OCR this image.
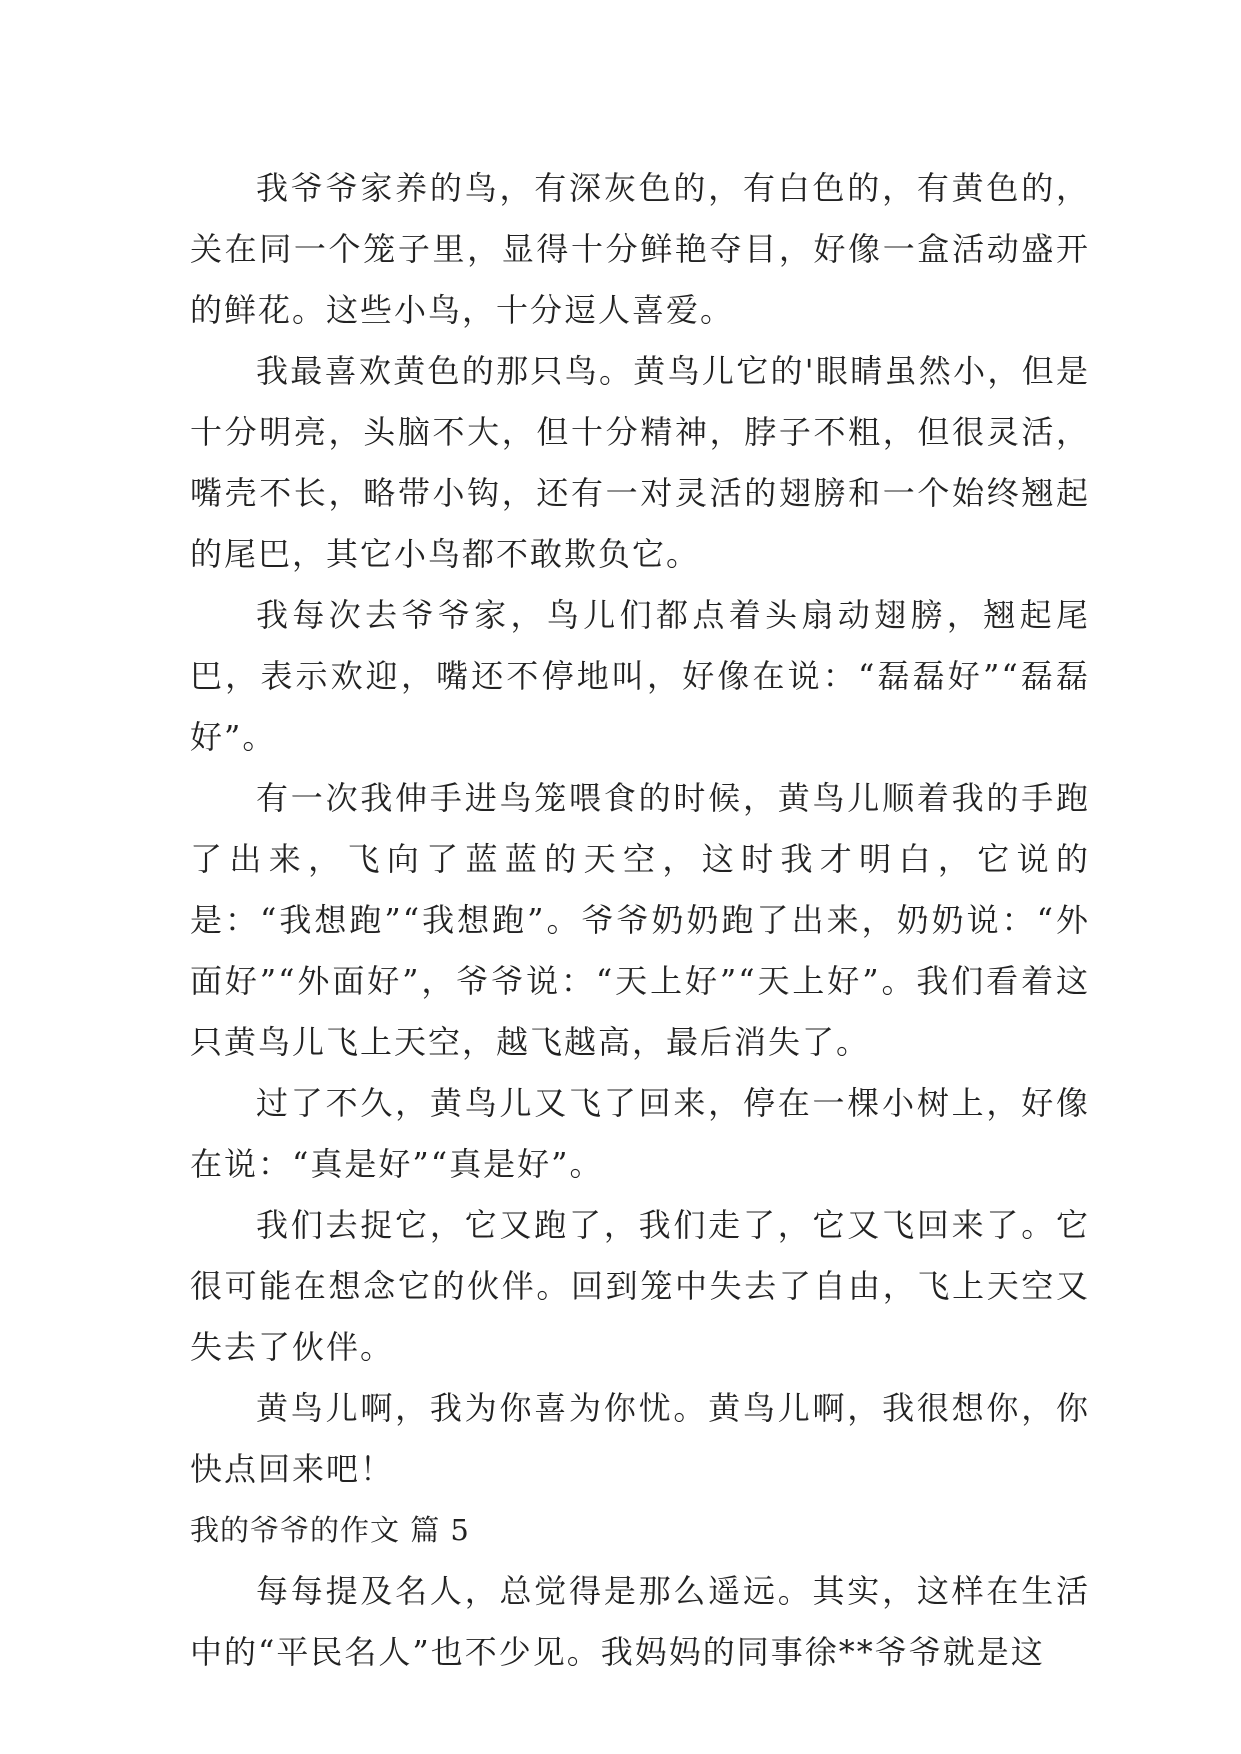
我爷爷家养的鸟，有深灰色的，有白色的，有黄色的，关在同一个笼子里，显得十分鲜艳夺目，好像一盒活动盛开的鲜花。这些小鸟，十分逗人喜爱。

我最喜欢黄色的那只鸟。黄鸟儿它的'眼睛虽然小，但是十分明亮，头脑不大，但十分精神，脖子不粗，但很灵活，嘴壳不长，略带小钩，还有一对灵活的翅膀和一个始终翘起的尾巴，其它小鸟都不敢欺负它。

我每次去爷爷家，鸟儿们都点着头扇动翅膀，翘起尾巴，表示欢迎，嘴还不停地叫，好像在说：“磊磊好”“磊磊好”。

有一次我伸手进鸟笼喂食的时候，黄鸟儿顺着我的手跑了出来，飞向了蓝蓝的天空，这时我才明白，它说的是：“我想跑”“我想跑”。爷爷奶奶跑了出来，奶奶说：“外面好”“外面好”，爷爷说：“天上好”“天上好”。我们看着这只黄鸟儿飞上天空，越飞越高，最后消失了。

过了不久，黄鸟儿又飞了回来，停在一棵小树上，好像在说：“真是好”“真是好”。

我们去捉它，它又跑了，我们走了，它又飞回来了。它很可能在想念它的伙伴。回到笼中失去了自由，飞上天空又失去了伙伴。

黄鸟儿啊，我为你喜为你忧。黄鸟儿啊，我很想你，你快点回来吧！

我的爷爷的作文 篇 5

每每提及名人，总觉得是那么遥远。其实，这样在生活中的“平民名人”也不少见。我妈妈的同事徐**爷爷就是这
